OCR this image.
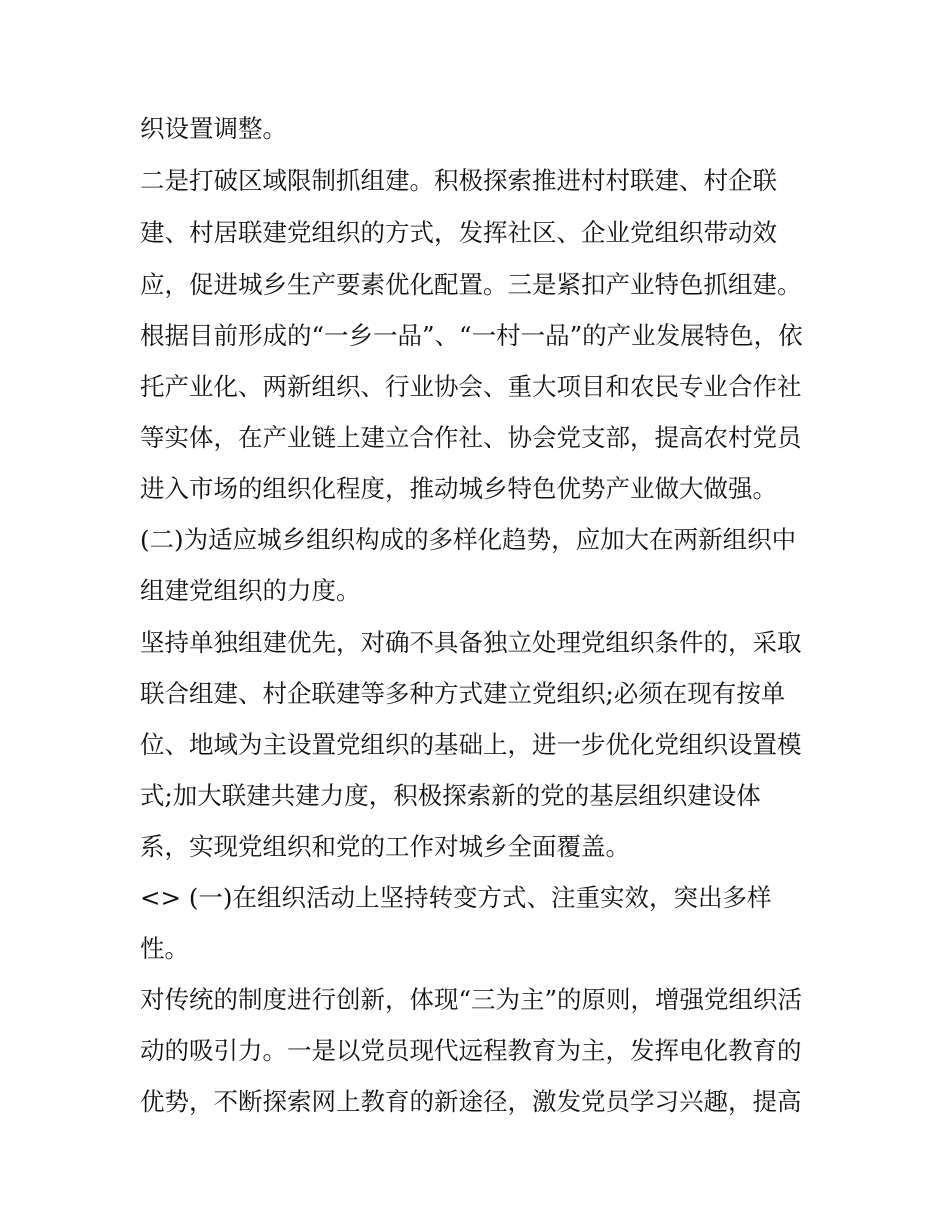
织设置调整。
二是打破区域限制抓组建。积极探索推进村村联建、村企联
建、村居联建党组织的方式，发挥社区、企业党组织带动效
应，促进城乡生产要素优化配置。三是紧扣产业特色抓组建。
根据目前形成的“一乡一品”、“一村一品”的产业发展特色，依
托产业化、两新组织、行业协会、重大项目和农民专业合作社
等实体，在产业链上建立合作社、协会党支部，提高农村党员
进入市场的组织化程度，推动城乡特色优势产业做大做强。
(二)为适应城乡组织构成的多样化趋势，应加大在两新组织中
组建党组织的力度。
坚持单独组建优先，对确不具备独立处理党组织条件的，采取
联合组建、村企联建等多种方式建立党组织;必须在现有按单
位、地域为主设置党组织的基础上，进一步优化党组织设置模
式;加大联建共建力度，积极探索新的党的基层组织建设体
系，实现党组织和党的工作对城乡全面覆盖。
<> (一)在组织活动上坚持转变方式、注重实效，突出多样
性。
对传统的制度进行创新，体现“三为主”的原则，增强党组织活
动的吸引力。一是以党员现代远程教育为主，发挥电化教育的
优势，不断探索网上教育的新途径，激发党员学习兴趣，提高
